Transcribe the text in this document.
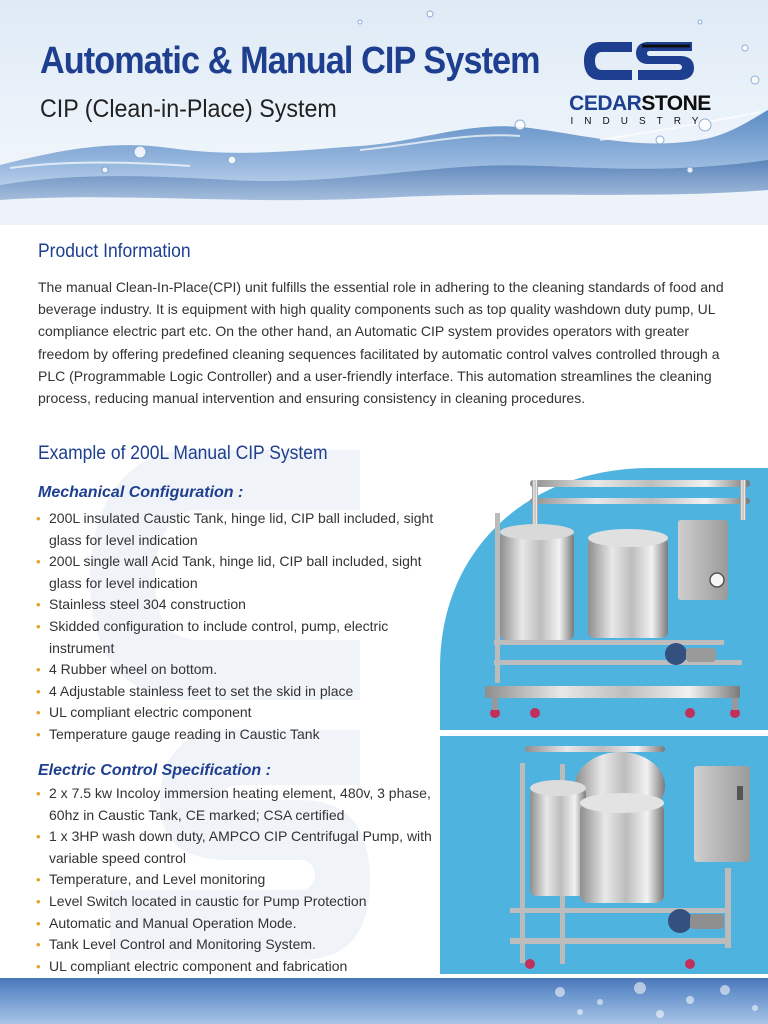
Automatic & Manual CIP System
CIP (Clean-in-Place) System	CEDARSTONE
INDUSTRY
Product Information

The manual Clean-In-Place(CPI) unit fulfills the essential role in adhering to the cleaning standards of food and beverage industry. It is equipment with high quality components such as top quality washdown duty pump, UL compliance electric part etc. On the other hand, an Automatic CIP system provides operators with greater freedom by offering predefined cleaning sequences facilitated by automatic control valves controlled through a PLC (Programmable Logic Controller) and a user-friendly interface. This automation streamlines the cleaning process, reducing manual intervention and ensuring consistency in cleaning procedures.

Example of 200L Manual CIP System
Mechanical Configuration :
• 200L insulated Caustic Tank, hinge lid, CIP ball included, sight glass for level indication
• 200L single wall Acid Tank, hinge lid, CIP ball included, sight glass for level indication
• Stainless steel 304 construction
• Skidded configuration to include control, pump, electric instrument
• 4 Rubber wheel on bottom.
• 4 Adjustable stainless feet to set the skid in place
• UL compliant electric component
• Temperature gauge reading in Caustic Tank
Electric Control Specification :
• 2 x 7.5 kw Incoloy immersion heating element, 480v, 3 phase, 60hz in Caustic Tank, CE marked; CSA certified
• 1 x 3HP wash down duty, AMPCO CIP Centrifugal Pump, with variable speed control
• Temperature, and Level monitoring
• Level Switch located in caustic for Pump Protection
• Automatic and Manual Operation Mode.
• Tank Level Control and Monitoring System.
• UL compliant electric component and fabrication
